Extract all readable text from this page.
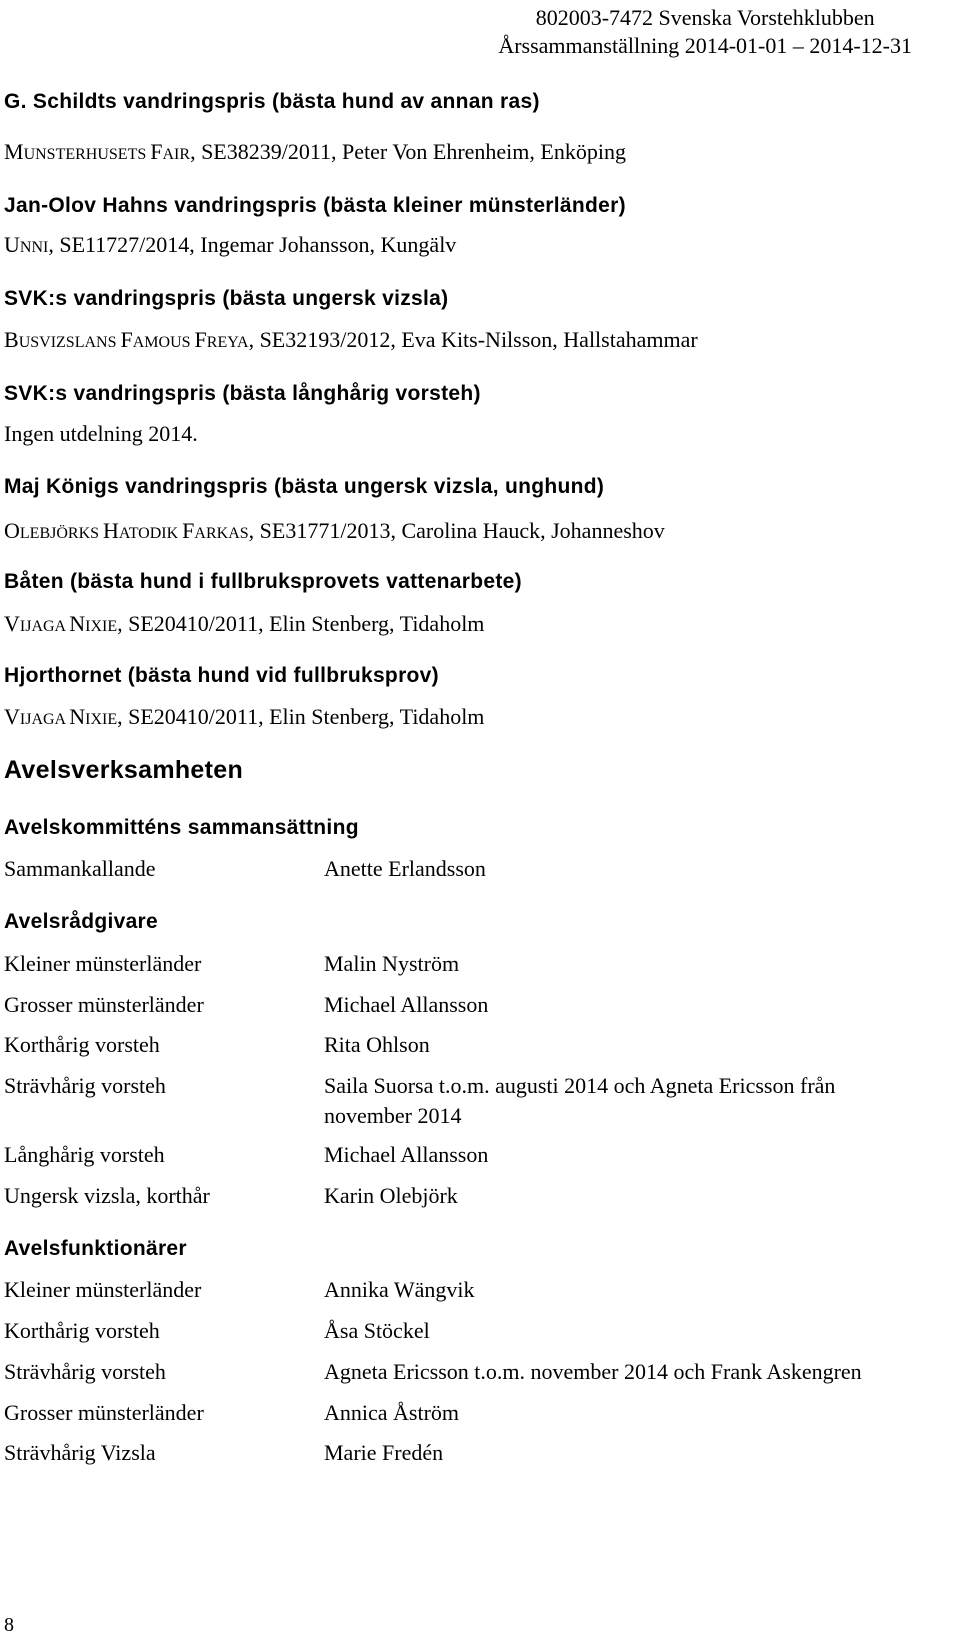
802003-7472 Svenska Vorstehklubben
Årssammanställning 2014-01-01 – 2014-12-31
G. Schildts vandringspris (bästa hund av annan ras)
MUNSTERHUSETS FAIR, SE38239/2011, Peter Von Ehrenheim, Enköping
Jan-Olov Hahns vandringspris (bästa kleiner münsterländer)
UNNI, SE11727/2014, Ingemar Johansson, Kungälv
SVK:s vandringspris (bästa ungersk vizsla)
BUSVIZSLANS FAMOUS FREYA, SE32193/2012, Eva Kits-Nilsson, Hallstahammar
SVK:s vandringspris (bästa långhårig vorsteh)
Ingen utdelning 2014.
Maj Königs vandringspris (bästa ungersk vizsla, unghund)
OLEBJÖRKS HATODIK FARKAS, SE31771/2013, Carolina Hauck, Johanneshov
Båten (bästa hund i fullbruksprovets vattenarbete)
VIJAGA NIXIE, SE20410/2011, Elin Stenberg, Tidaholm
Hjorthornet (bästa hund vid fullbruksprov)
VIJAGA NIXIE, SE20410/2011, Elin Stenberg, Tidaholm
Avelsverksamheten
Avelskommitténs sammansättning
Sammankallande	Anette Erlandsson
Avelsrådgivare
Kleiner münsterländer	Malin Nyström
Grosser münsterländer	Michael Allansson
Korthårig vorsteh	Rita Ohlson
Strävhårig vorsteh	Saila Suorsa t.o.m. augusti 2014 och Agneta Ericsson från
november 2014
Långhårig vorsteh	Michael Allansson
Ungersk vizsla, korthår	Karin Olebjörk
Avelsfunktionärer
Kleiner münsterländer	Annika Wängvik
Korthårig vorsteh	Åsa Stöckel
Strävhårig vorsteh	Agneta Ericsson t.o.m. november 2014 och Frank Askengren
Grosser münsterländer	Annica Åström
Strävhårig Vizsla	Marie Fredén
8
